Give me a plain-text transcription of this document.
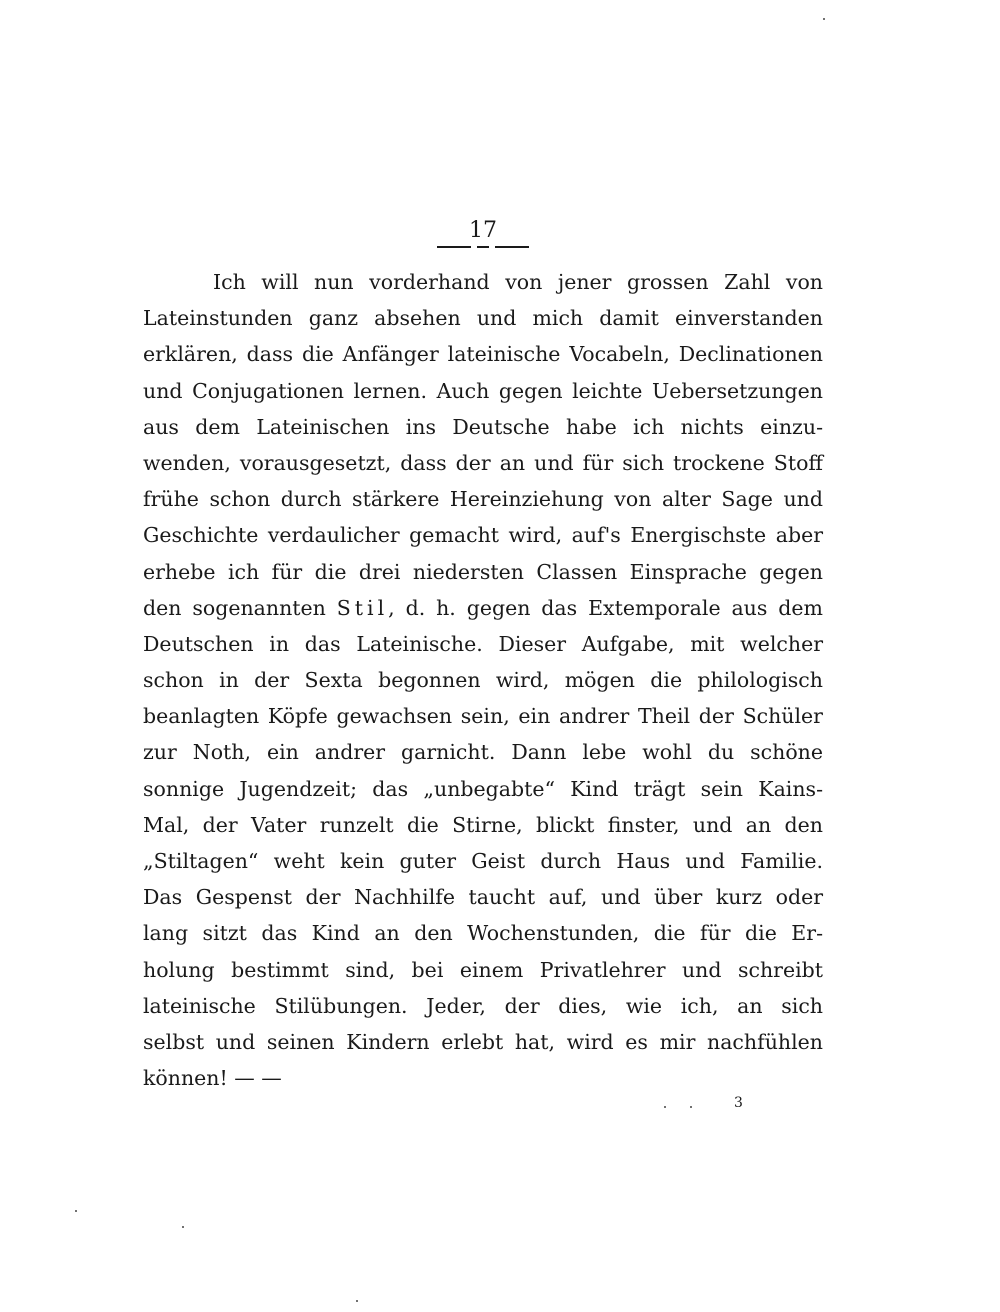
17
Ich will nun vorderhand von jener grossen Zahl von
Lateinstunden ganz absehen und mich damit einverstanden
erklären, dass die Anfänger lateinische Vocabeln, Declinationen
und Conjugationen lernen. Auch gegen leichte Uebersetzungen
aus dem Lateinischen ins Deutsche habe ich nichts einzu-
wenden, vorausgesetzt, dass der an und für sich trockene Stoff
frühe schon durch stärkere Hereinziehung von alter Sage und
Geschichte verdaulicher gemacht wird, auf's Energischste aber
erhebe ich für die drei niedersten Classen Einsprache gegen
den sogenannten Stil, d. h. gegen das Extemporale aus dem
Deutschen in das Lateinische. Dieser Aufgabe, mit welcher
schon in der Sexta begonnen wird, mögen die philologisch
beanlagten Köpfe gewachsen sein, ein andrer Theil der Schüler
zur Noth, ein andrer garnicht. Dann lebe wohl du schöne
sonnige Jugendzeit; das „unbegabte“ Kind trägt sein Kains-
Mal, der Vater runzelt die Stirne, blickt finster, und an den
„Stiltagen“ weht kein guter Geist durch Haus und Familie.
Das Gespenst der Nachhilfe taucht auf, und über kurz oder
lang sitzt das Kind an den Wochenstunden, die für die Er-
holung bestimmt sind, bei einem Privatlehrer und schreibt
lateinische Stilübungen. Jeder, der dies, wie ich, an sich
selbst und seinen Kindern erlebt hat, wird es mir nachfühlen
können! — —
3
